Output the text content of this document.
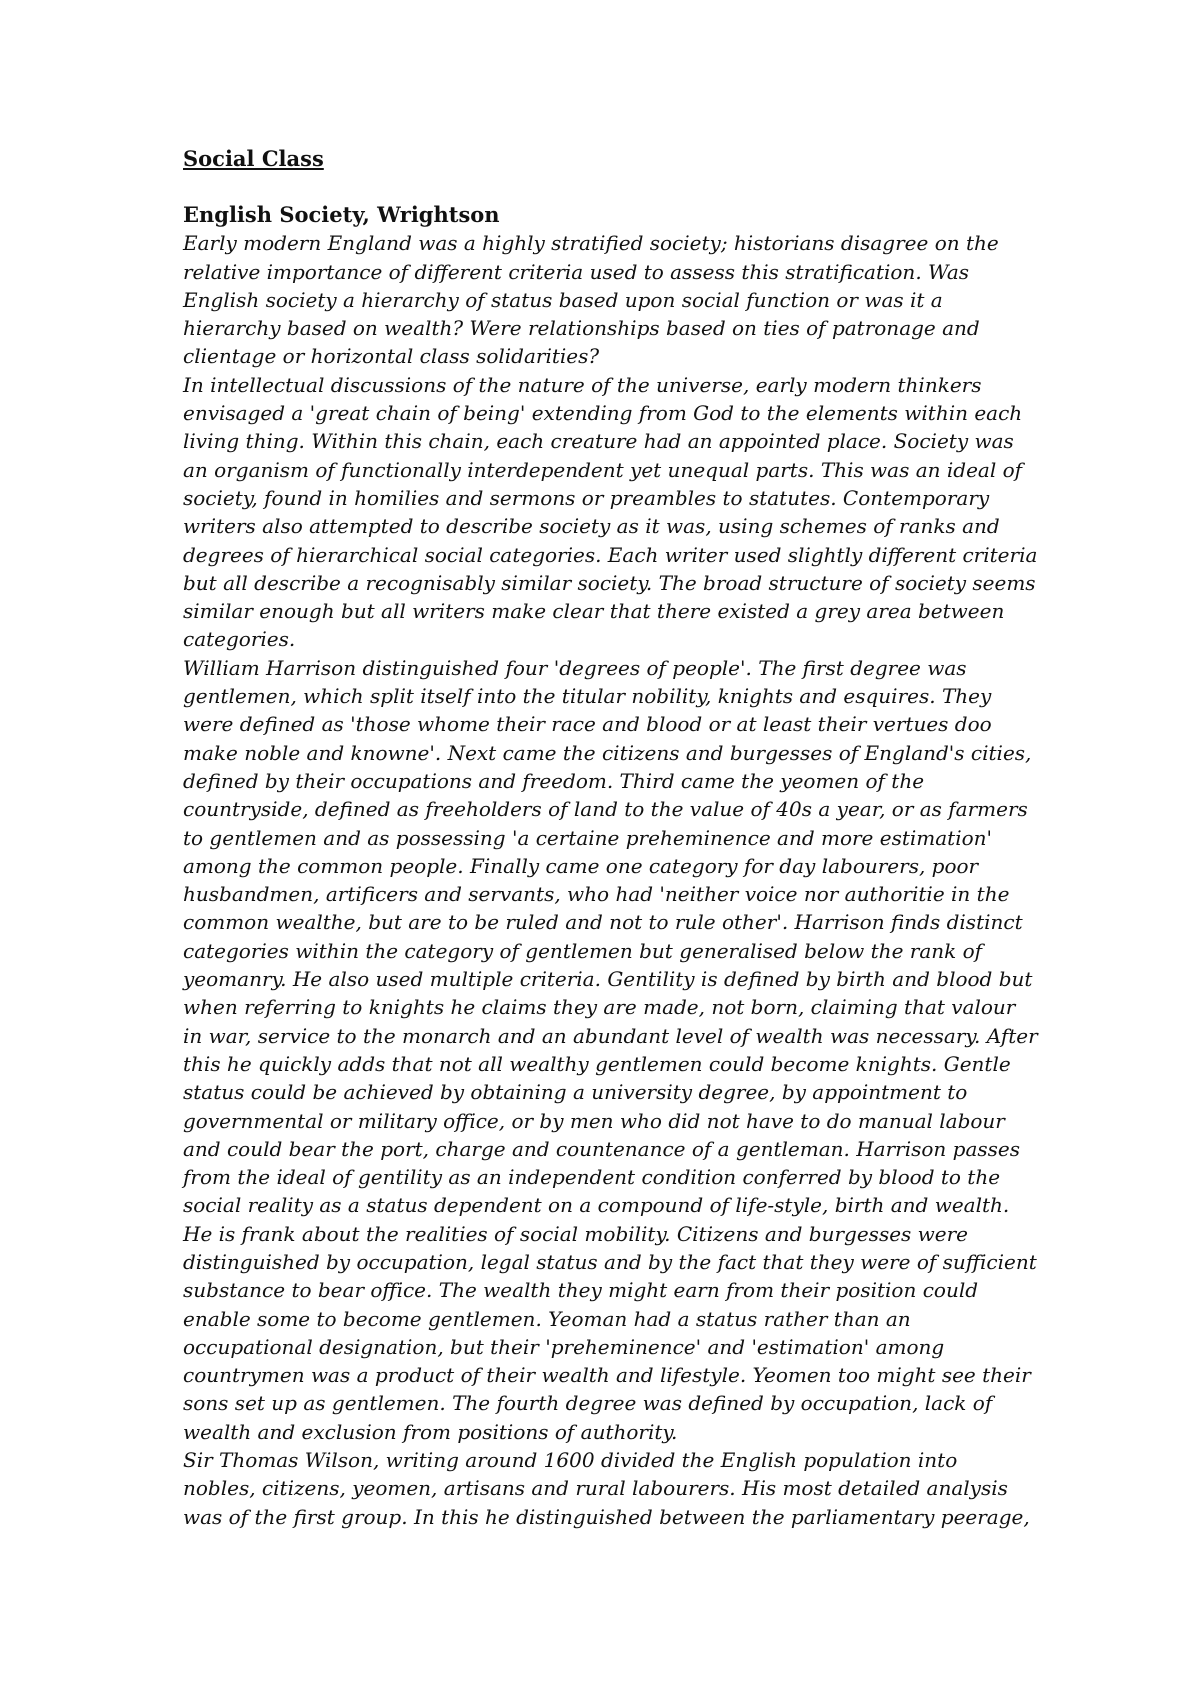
Social Class
English Society, Wrightson

Early modern England was a highly stratified society; historians disagree on the
relative importance of different criteria used to assess this stratification. Was
English society a hierarchy of status based upon social function or was it a
hierarchy based on wealth? Were relationships based on ties of patronage and
clientage or horizontal class solidarities?

In intellectual discussions of the nature of the universe, early modern thinkers
envisaged a 'great chain of being' extending from God to the elements within each
living thing. Within this chain, each creature had an appointed place. Society was
an organism of functionally interdependent yet unequal parts. This was an ideal of
society, found in homilies and sermons or preambles to statutes. Contemporary
writers also attempted to describe society as it was, using schemes of ranks and
degrees of hierarchical social categories. Each writer used slightly different criteria
but all describe a recognisably similar society. The broad structure of society seems
similar enough but all writers make clear that there existed a grey area between
categories.

William Harrison distinguished four 'degrees of people'. The first degree was
gentlemen, which split itself into the titular nobility, knights and esquires. They
were defined as 'those whome their race and blood or at least their vertues doo
make noble and knowne'. Next came the citizens and burgesses of England's cities,
defined by their occupations and freedom. Third came the yeomen of the
countryside, defined as freeholders of land to the value of 40s a year, or as farmers
to gentlemen and as possessing 'a certaine preheminence and more estimation'
among the common people. Finally came one category for day labourers, poor
husbandmen, artificers and servants, who had 'neither voice nor authoritie in the
common wealthe, but are to be ruled and not to rule other'. Harrison finds distinct
categories within the category of gentlemen but generalised below the rank of
yeomanry. He also used multiple criteria. Gentility is defined by birth and blood but
when referring to knights he claims they are made, not born, claiming that valour
in war, service to the monarch and an abundant level of wealth was necessary. After
this he quickly adds that not all wealthy gentlemen could become knights. Gentle
status could be achieved by obtaining a university degree, by appointment to
governmental or military office, or by men who did not have to do manual labour
and could bear the port, charge and countenance of a gentleman. Harrison passes
from the ideal of gentility as an independent condition conferred by blood to the
social reality as a status dependent on a compound of life-style, birth and wealth.
He is frank about the realities of social mobility. Citizens and burgesses were
distinguished by occupation, legal status and by the fact that they were of sufficient
substance to bear office. The wealth they might earn from their position could
enable some to become gentlemen. Yeoman had a status rather than an
occupational designation, but their 'preheminence' and 'estimation' among
countrymen was a product of their wealth and lifestyle. Yeomen too might see their
sons set up as gentlemen. The fourth degree was defined by occupation, lack of
wealth and exclusion from positions of authority.

Sir Thomas Wilson, writing around 1600 divided the English population into
nobles, citizens, yeomen, artisans and rural labourers. His most detailed analysis
was of the first group. In this he distinguished between the parliamentary peerage,
